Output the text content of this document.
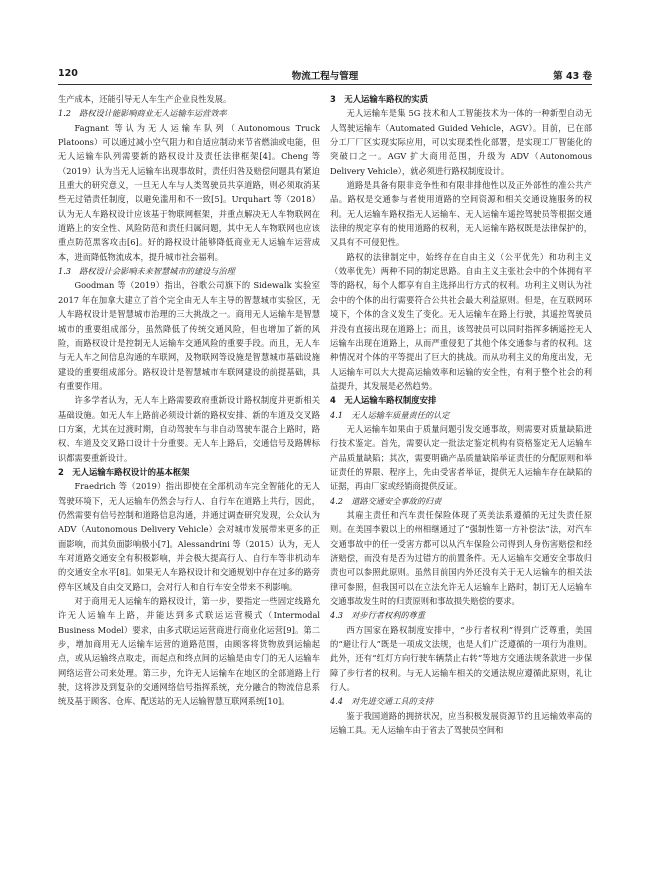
120	物流工程与管理	第 43 卷

生产成本，还能引导无人车生产企业良性发展。

1.2　路权设计能影响商业无人运输车运营效率

Fagnant 等认为无人运输车队列（Autonomous Truck Platoons）可以通过减小空气阻力和自适应制动来节省燃油或电能，但无人运输车队列需要新的路权设计及责任法律框架[4]。Cheng 等（2019）认为当无人运输车出现事故时，责任归咎及赔偿问题具有紧迫且重大的研究意义，一旦无人车与人类驾驶员共享道路，则必须取消某些无过错责任制度，以避免滥用和不一致[5]。Urquhart 等（2018）认为无人车路权设计应该基于物联网框架，并重点解决无人车物联网在道路上的安全性、风险防范和责任归属问题，其中无人车物联网也应该重点防范黑客攻击[6]。好的路权设计能够降低商业无人运输车运营成本，进而降低物流成本，提升城市社会福利。

1.3　路权设计会影响未来智慧城市的建设与治理

Goodman 等（2019）指出，谷歌公司旗下的 Sidewalk 实验室 2017 年在加拿大建立了首个完全由无人车主导的智慧城市实验区，无人车路权设计是智慧城市治理的三大挑战之一。商用无人运输车是智慧城市的重要组成部分，虽然降低了传统交通风险，但也增加了新的风险，而路权设计是控制无人运输车交通风险的重要手段。而且，无人车与无人车之间信息沟通的车联网，及物联网等设施是智慧城市基础设施建设的重要组成部分。路权设计是智慧城市车联网建设的前提基础，具有重要作用。

许多学者认为，无人车上路需要政府重新设计路权制度并更新相关基础设施。如无人车上路前必须设计新的路权安排、新的车道及交叉路口方案，尤其在过渡时期，自动驾驶车与非自动驾驶车混合上路时，路权、车道及交叉路口设计十分重要。无人车上路后，交通信号及路牌标识都需要重新设计。

2　无人运输车路权设计的基本框架

Fraedrich 等（2019）指出即使在全部机动车完全智能化的无人驾驶环境下，无人运输车仍然会与行人、自行车在道路上共行，因此，仍然需要有信号控制和道路信息沟通，并通过调查研究发现，公众认为 ADV（Autonomous Delivery Vehicle）会对城市发展带来更多的正面影响，而其负面影响极小[7]。Alessandrini 等（2015）认为，无人车对道路交通安全有积极影响，并会极大提高行人、自行车等非机动车的交通安全水平[8]。如果无人车路权设计和交通规划中存在过多的路旁停车区域及自由交叉路口，会对行人和自行车安全带来不利影响。

对于商用无人运输车的路权设计，第一步，要指定一些固定线路允许无人运输车上路，并能达到多式联运运营模式（Intermodal Business Model）要求，由多式联运运营商进行商业化运营[9]。第二步，增加商用无人运输车运营的道路范围，由顾客将货物放到运输起点，或从运输终点取走，而起点和终点间的运输是由专门的无人运输车网络运营公司来处理。第三步，允许无人运输车在地区的全部道路上行驶，这将涉及到复杂的交通网络信号指挥系统，充分融合的物流信息系统及基于顾客、仓库、配送站的无人运输智慧互联网系统[10]。

3　无人运输车路权的实质

无人运输车是集 5G 技术和人工智能技术为一体的一种新型自动无人驾驶运输车（Automated Guided Vehicle，AGV）。目前，已在部分工厂厂区实现实际应用，可以实现柔性化部署，是实现工厂智能化的突破口之一。AGV 扩大商用范围，升级为 ADV（Autonomous Delivery Vehicle），就必须进行路权制度设计。

道路是具备有限非竞争性和有限非排他性以及正外部性的准公共产品。路权是交通参与者使用道路的空间资源和相关交通设施服务的权利。无人运输车路权指无人运输车、无人运输车遥控驾驶员等根据交通法律的规定享有的使用道路的权利，无人运输车路权既是法律保护的，又具有不可侵犯性。

路权的法律制定中，始终存在自由主义（公平优先）和功利主义（效率优先）两种不同的制定思路。自由主义主张社会中的个体拥有平等的路权，每个人都享有自主选择出行方式的权利。功利主义则认为社会中的个体的出行需要符合公共社会最大利益原则。但是，在互联网环境下，个体的含义发生了变化。无人运输车在路上行驶，其遥控驾驶员并没有直接出现在道路上；而且，该驾驶员可以同时指挥多辆遥控无人运输车出现在道路上，从而严重侵犯了其他个体交通参与者的权利。这种情况对个体的平等提出了巨大的挑战。而从功利主义的角度出发，无人运输车可以大大提高运输效率和运输的安全性，有利于整个社会的利益提升，其发展是必然趋势。

4　无人运输车路权制度安排
4.1　无人运输车质量责任的认定

无人运输车如果由于质量问题引发交通事故，则需要对质量缺陷进行技术鉴定。首先，需要认定一批法定鉴定机构有资格鉴定无人运输车产品质量缺陷；其次，需要明确产品质量缺陷举证责任的分配原则和举证责任的界限、程序上，先由受害者举证，提供无人运输车存在缺陷的证据，再由厂家或经销商提供反证。

4.2　道路交通安全事故的归责

其雇主责任和汽车责任保险体现了英美法系遵循的无过失责任原则。在美国李毅以上的州相继通过了“强制性第一方补偿法”法，对汽车交通事故中的任一受害方都可以从汽车保险公司得到人身伤害赔偿和经济赔偿，而没有是否为过错方的前置条件。无人运输车交通安全事故归责也可以参照此原则。虽然目前国内外还没有关于无人运输车的相关法律可参照，但我国可以在立法允许无人运输车上路时，制订无人运输车交通事故发生时的归责原则和事故损失赔偿的要求。

4.3　对步行者权利的尊重

西方国家在路权制度安排中，“步行者权利”得到广泛尊重，美国的“避让行人”既是一项成文法规，也是人们广泛遵循的一项行为准则。此外，还有“红灯方向行驶车辆禁止右转”等地方交通法规条款进一步保障了步行者的权利。与无人运输车相关的交通法规应遵循此原则，礼让行人。

4.4　对先进交通工具的支持

鉴于我国道路的拥挤状况，应当积极发展资源节约且运输效率高的运输工具。无人运输车由于省去了驾驶员空间和
